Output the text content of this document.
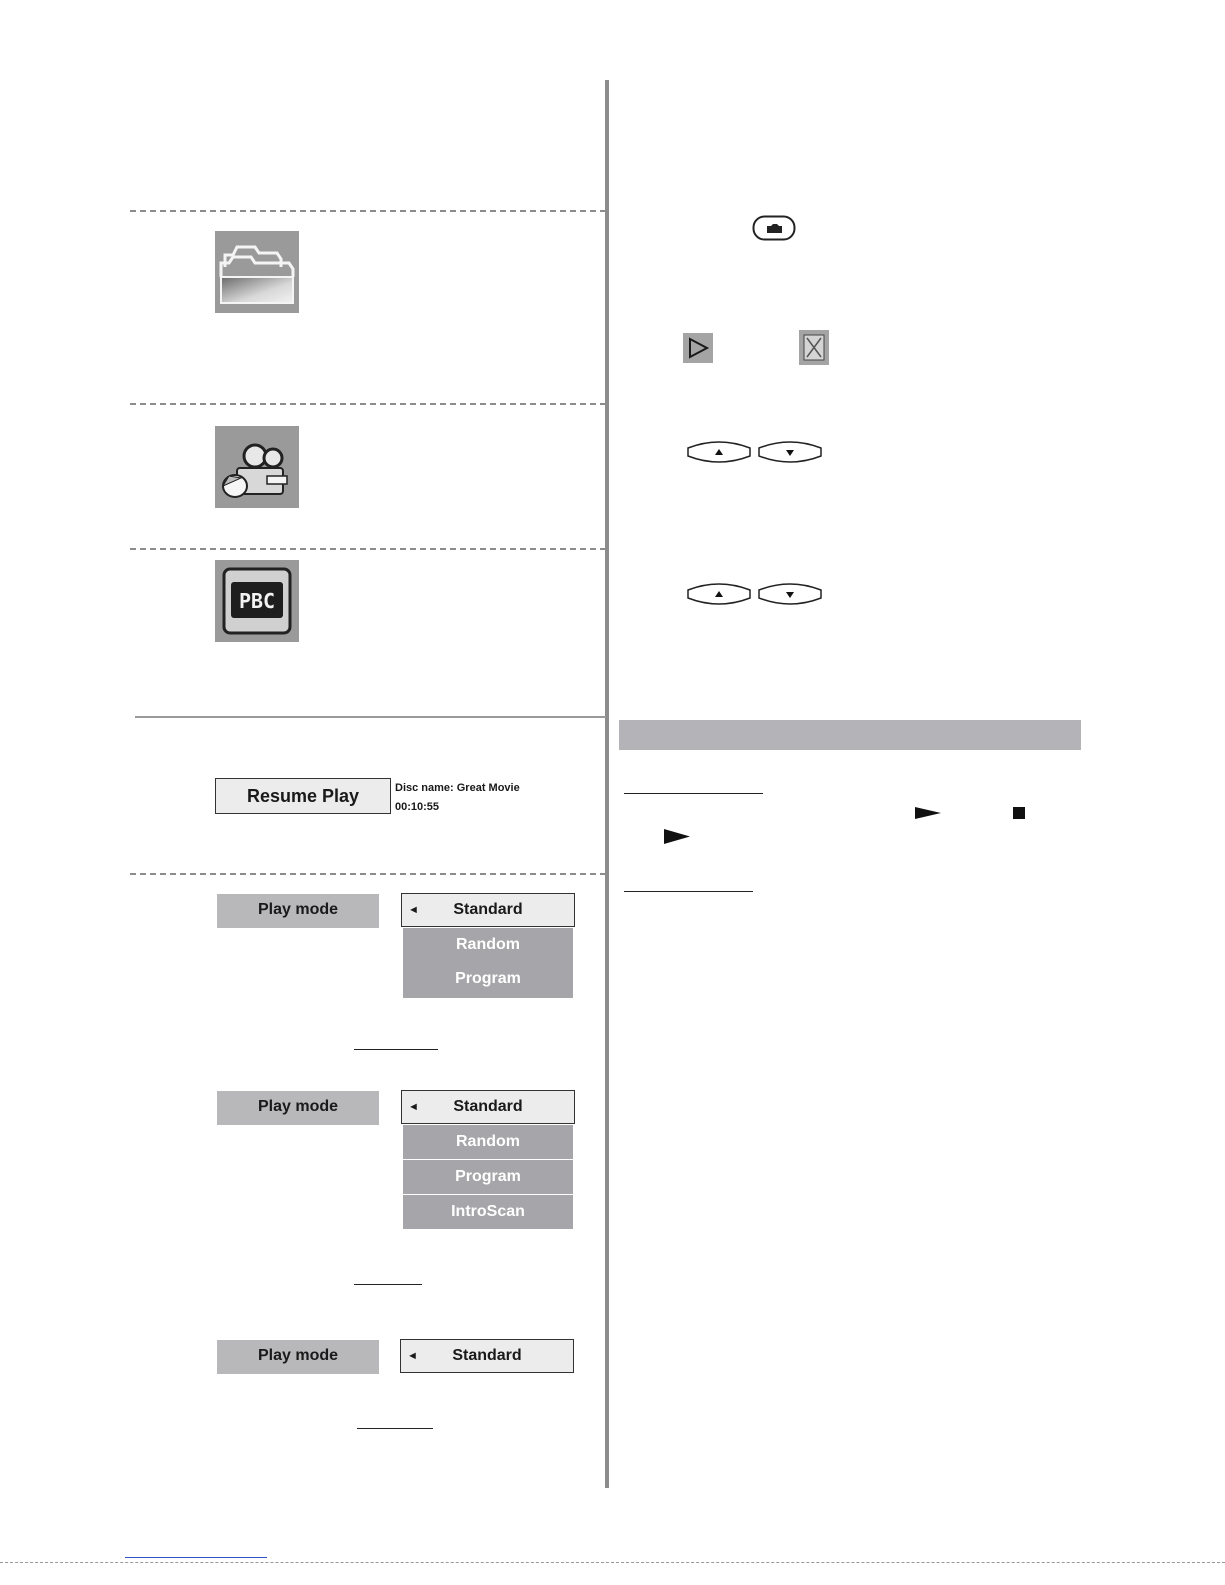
PBC
Resume Play	Disc name: Great Movie
00:10:55
Play mode	◄ Standard
Random
Program
Play mode	◄ Standard
Random
Program
IntroScan
Play mode	◄ Standard
